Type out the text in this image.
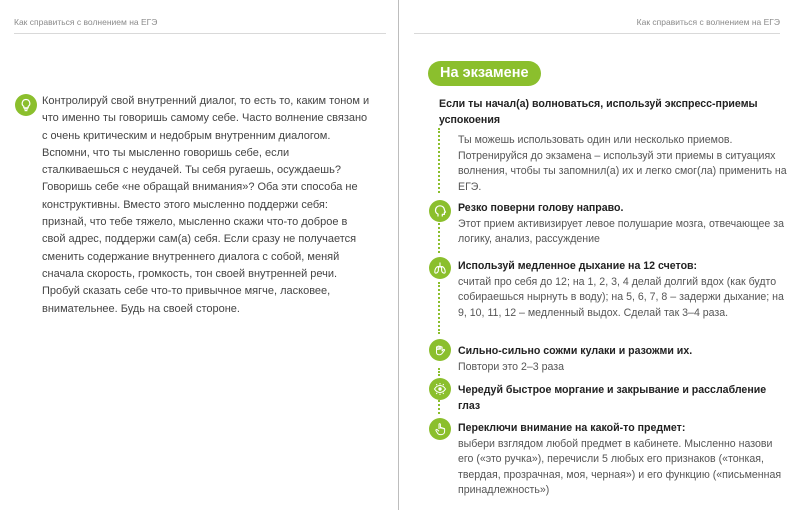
Как справиться с волнением на ЕГЭ
Контролируй свой внутренний диалог, то есть то, каким тоном и что именно ты говоришь самому себе. Часто волнение связано с очень критическим и недобрым внутренним диалогом. Вспомни, что ты мысленно говоришь себе, если сталкиваешься с неудачей. Ты себя ругаешь, осуждаешь? Говоришь себе «не обращай внимания»? Оба эти способа не конструктивны. Вместо этого мысленно поддержи себя: признай, что тебе тяжело, мысленно скажи что-то доброе в свой адрес, поддержи сам(а) себя. Если сразу не получается сменить содержание внутреннего диалога с собой, меняй сначала скорость, громкость, тон своей внутренней речи. Пробуй сказать себе что-то привычное мягче, ласковее, внимательнее. Будь на своей стороне.
Как справиться с волнением на ЕГЭ
На экзамене
Если ты начал(а) волноваться, используй экспресс-приемы успокоения
Ты можешь использовать один или несколько приемов. Потренируйся до экзамена – используй эти приемы в ситуациях волнения, чтобы ты запомнил(а) их и легко смог(ла) применить на ЕГЭ.
Резко поверни голову направо.
Этот прием активизирует левое полушарие мозга, отвечающее за логику, анализ, рассуждение
Используй медленное дыхание на 12 счетов:
считай про себя до 12; на 1, 2, 3, 4 делай долгий вдох (как будто собираешься нырнуть в воду); на 5, 6, 7, 8 – задержи дыхание; на 9, 10, 11, 12 – медленный выдох. Сделай так 3–4 раза.
Сильно-сильно сожми кулаки и разожми их.
Повтори это 2–3 раза
Чередуй быстрое моргание и закрывание и расслабление глаз
Переключи внимание на какой-то предмет:
выбери взглядом любой предмет в кабинете. Мысленно назови его («это ручка»), перечисли 5 любых его признаков («тонкая, твердая, прозрачная, моя, черная») и его функцию («письменная принадлежность»)
